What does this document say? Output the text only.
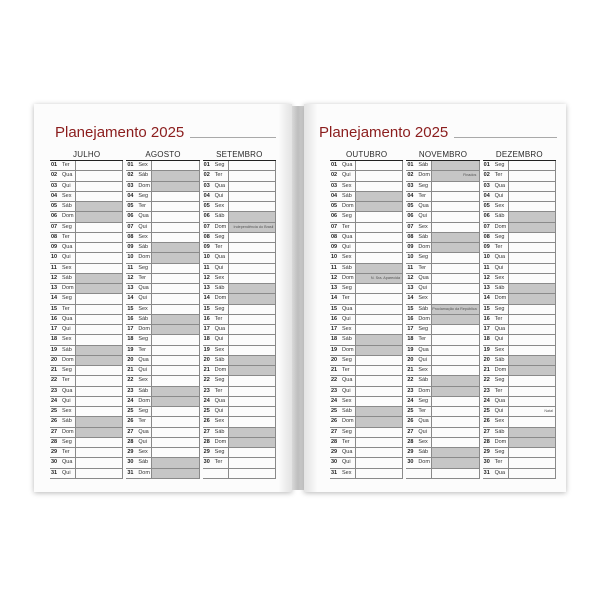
Planejamento 2025
JULHO
01 Ter
02 Qua
03 Qui
04 Sex
05 Sáb
06 Dom
07 Seg
08 Ter
09 Qua
10 Qui
11 Sex
12 Sáb
13 Dom
14 Seg
15 Ter
16 Qua
17 Qui
18 Sex
19 Sáb
20 Dom
21 Seg
22 Ter
23 Qua
24 Qui
25 Sex
26 Sáb
27 Dom
28 Seg
29 Ter
30 Qua
31 Qui
AGOSTO
01 Sex
02 Sáb
03 Dom
04 Seg
05 Ter
06 Qua
07 Qui
08 Sex
09 Sáb
10 Dom
11 Seg
12 Ter
13 Qua
14 Qui
15 Sex
16 Sáb
17 Dom
18 Seg
19 Ter
20 Qua
21 Qui
22 Sex
23 Sáb
24 Dom
25 Seg
26 Ter
27 Qua
28 Qui
29 Sex
30 Sáb
31 Dom
SETEMBRO
01 Seg
02 Ter
03 Qua
04 Qui
05 Sex
06 Sáb
07 Dom Independência do Brasil
08 Seg
09 Ter
10 Qua
11 Qui
12 Sex
13 Sáb
14 Dom
15 Seg
16 Ter
17 Qua
18 Qui
19 Sex
20 Sáb
21 Dom
22 Seg
23 Ter
24 Qua
25 Qui
26 Sex
27 Sáb
28 Dom
29 Seg
30 Ter
Planejamento 2025
OUTUBRO
01 Qua
02 Qui
03 Sex
04 Sáb
05 Dom
06 Seg
07 Ter
08 Qua
09 Qui
10 Sex
11 Sáb
12 Dom	N. Sra. Aparecida
13 Seg
14 Ter
15 Qua
16 Qui
17 Sex
18 Sáb
19 Dom
20 Seg
21 Ter
22 Qua
23 Qui
24 Sex
25 Sáb
26 Dom
27 Seg
28 Ter
29 Qua
30 Qui
31 Sex
NOVEMBRO
01 Sáb
02 Dom	Finados
03 Seg
04 Ter
05 Qua
06 Qui
07 Sex
08 Sáb
09 Dom
10 Seg
11 Ter
12 Qua
13 Qui
14 Sex
15 Sáb Proclamação da República
16 Dom
17 Seg
18 Ter
19 Qua
20 Qui
21 Sex
22 Sáb
23 Dom
24 Seg
25 Ter
26 Qua
27 Qui
28 Sex
29 Sáb
30 Dom
DEZEMBRO
01 Seg
02 Ter
03 Qua
04 Qui
05 Sex
06 Sáb
07 Dom
08 Seg
09 Ter
10 Qua
11 Qui
12 Sex
13 Sáb
14 Dom
15 Seg
16 Ter
17 Qua
18 Qui
19 Sex
20 Sáb
21 Dom
22 Seg
23 Ter
24 Qua
25 Qui	Natal
26 Sex
27 Sáb
28 Dom
29 Seg
30 Ter
31 Qua
